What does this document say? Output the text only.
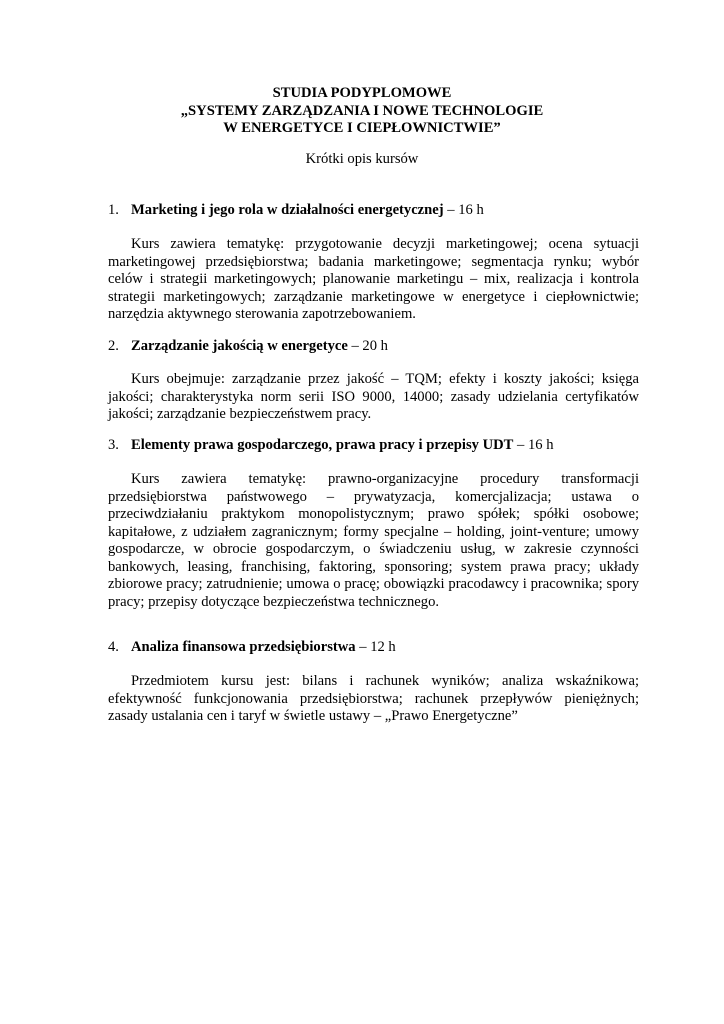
STUDIA PODYPLOMOWE
„SYSTEMY ZARZĄDZANIA I NOWE TECHNOLOGIE
W ENERGETYCE I CIEPŁOWNICTWIE”
Krótki opis kursów
1. Marketing i jego rola w działalności energetycznej – 16 h

Kurs zawiera tematykę: przygotowanie decyzji marketingowej; ocena sytuacji marketingowej przedsiębiorstwa; badania marketingowe; segmentacja rynku; wybór celów i strategii marketingowych; planowanie marketingu – mix, realizacja i kontrola strategii marketingowych; zarządzanie marketingowe w energetyce i ciepłownictwie; narzędzia aktywnego sterowania zapotrzebowaniem.

2. Zarządzanie jakością w energetyce – 20 h

Kurs obejmuje: zarządzanie przez jakość – TQM; efekty i koszty jakości; księga jakości; charakterystyka norm serii ISO 9000, 14000; zasady udzielania certyfikatów jakości; zarządzanie bezpieczeństwem pracy.

3. Elementy prawa gospodarczego, prawa pracy i przepisy UDT – 16 h

Kurs zawiera tematykę: prawno-organizacyjne procedury transformacji przedsiębiorstwa państwowego – prywatyzacja, komercjalizacja; ustawa o przeciwdziałaniu praktykom monopolistycznym; prawo spółek; spółki osobowe; kapitałowe, z udziałem zagranicznym; formy specjalne – holding, joint-venture; umowy gospodarcze, w obrocie gospodarczym, o świadczeniu usług, w zakresie czynności bankowych, leasing, franchising, faktoring, sponsoring; system prawa pracy; układy zbiorowe pracy; zatrudnienie; umowa o pracę; obowiązki pracodawcy i pracownika; spory pracy; przepisy dotyczące bezpieczeństwa technicznego.

4. Analiza finansowa przedsiębiorstwa – 12 h

Przedmiotem kursu jest: bilans i rachunek wyników; analiza wskaźnikowa; efektywność funkcjonowania przedsiębiorstwa; rachunek przepływów pieniężnych; zasady ustalania cen i taryf w świetle ustawy – „Prawo Energetyczne”
